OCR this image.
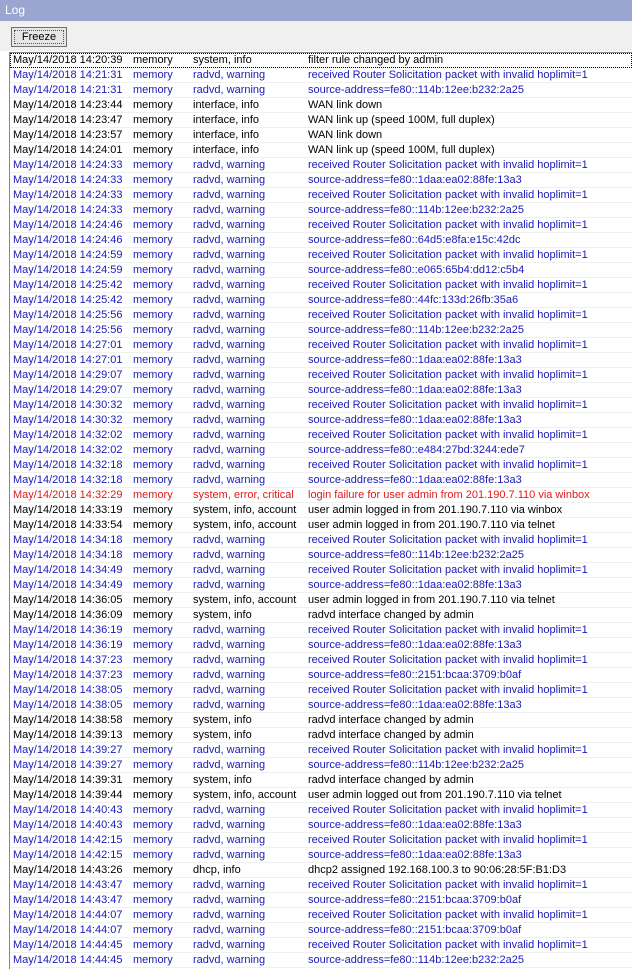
Log
Freeze
May/14/2018 14:20:39 memory	system, info	filter rule changed by admin
May/14/2018 14:21:31 memory	radvd, warning	received Router Solicitation packet with invalid hoplimit=1
May/14/2018 14:21:31 memory	radvd, warning	source-address=fe80::114b:12ee:b232:2a25
May/14/2018 14:23:44 memory	interface, info	WAN link down
May/14/2018 14:23:47 memory	interface, info	WAN link up (speed 100M, full duplex)
May/14/2018 14:23:57 memory	interface, info	WAN link down
May/14/2018 14:24:01 memory	interface, info	WAN link up (speed 100M, full duplex)
May/14/2018 14:24:33 memory	radvd, warning	received Router Solicitation packet with invalid hoplimit=1
May/14/2018 14:24:33 memory	radvd, warning	source-address=fe80::1daa:ea02:88fe:13a3
May/14/2018 14:24:33 memory	radvd, warning	received Router Solicitation packet with invalid hoplimit=1
May/14/2018 14:24:33 memory	radvd, warning	source-address=fe80::114b:12ee:b232:2a25
May/14/2018 14:24:46 memory	radvd, warning	received Router Solicitation packet with invalid hoplimit=1
May/14/2018 14:24:46 memory	radvd, warning	source-address=fe80::64d5:e8fa:e15c:42dc
May/14/2018 14:24:59 memory	radvd, warning	received Router Solicitation packet with invalid hoplimit=1
May/14/2018 14:24:59 memory	radvd, warning	source-address=fe80::e065:65b4:dd12:c5b4
May/14/2018 14:25:42 memory	radvd, warning	received Router Solicitation packet with invalid hoplimit=1
May/14/2018 14:25:42 memory	radvd, warning	source-address=fe80::44fc:133d:26fb:35a6
May/14/2018 14:25:56 memory	radvd, warning	received Router Solicitation packet with invalid hoplimit=1
May/14/2018 14:25:56 memory	radvd, warning	source-address=fe80::114b:12ee:b232:2a25
May/14/2018 14:27:01 memory	radvd, warning	received Router Solicitation packet with invalid hoplimit=1
May/14/2018 14:27:01 memory	radvd, warning	source-address=fe80::1daa:ea02:88fe:13a3
May/14/2018 14:29:07 memory	radvd, warning	received Router Solicitation packet with invalid hoplimit=1
May/14/2018 14:29:07 memory	radvd, warning	source-address=fe80::1daa:ea02:88fe:13a3
May/14/2018 14:30:32 memory	radvd, warning	received Router Solicitation packet with invalid hoplimit=1
May/14/2018 14:30:32 memory	radvd, warning	source-address=fe80::1daa:ea02:88fe:13a3
May/14/2018 14:32:02 memory	radvd, warning	received Router Solicitation packet with invalid hoplimit=1
May/14/2018 14:32:02 memory	radvd, warning	source-address=fe80::e484:27bd:3244:ede7
May/14/2018 14:32:18 memory	radvd, warning	received Router Solicitation packet with invalid hoplimit=1
May/14/2018 14:32:18 memory	radvd, warning	source-address=fe80::1daa:ea02:88fe:13a3
May/14/2018 14:32:29 memory	system, error, critical	login failure for user admin from 201.190.7.110 via winbox
May/14/2018 14:33:19 memory	system, info, account	user admin logged in from 201.190.7.110 via winbox
May/14/2018 14:33:54 memory	system, info, account	user admin logged in from 201.190.7.110 via telnet
May/14/2018 14:34:18 memory	radvd, warning	received Router Solicitation packet with invalid hoplimit=1
May/14/2018 14:34:18 memory	radvd, warning	source-address=fe80::114b:12ee:b232:2a25
May/14/2018 14:34:49 memory	radvd, warning	received Router Solicitation packet with invalid hoplimit=1
May/14/2018 14:34:49 memory	radvd, warning	source-address=fe80::1daa:ea02:88fe:13a3
May/14/2018 14:36:05 memory	system, info, account	user admin logged in from 201.190.7.110 via telnet
May/14/2018 14:36:09 memory	system, info	radvd interface changed by admin
May/14/2018 14:36:19 memory	radvd, warning	received Router Solicitation packet with invalid hoplimit=1
May/14/2018 14:36:19 memory	radvd, warning	source-address=fe80::1daa:ea02:88fe:13a3
May/14/2018 14:37:23 memory	radvd, warning	received Router Solicitation packet with invalid hoplimit=1
May/14/2018 14:37:23 memory	radvd, warning	source-address=fe80::2151:bcaa:3709:b0af
May/14/2018 14:38:05 memory	radvd, warning	received Router Solicitation packet with invalid hoplimit=1
May/14/2018 14:38:05 memory	radvd, warning	source-address=fe80::1daa:ea02:88fe:13a3
May/14/2018 14:38:58 memory	system, info	radvd interface changed by admin
May/14/2018 14:39:13 memory	system, info	radvd interface changed by admin
May/14/2018 14:39:27 memory	radvd, warning	received Router Solicitation packet with invalid hoplimit=1
May/14/2018 14:39:27 memory	radvd, warning	source-address=fe80::114b:12ee:b232:2a25
May/14/2018 14:39:31 memory	system, info	radvd interface changed by admin
May/14/2018 14:39:44 memory	system, info, account	user admin logged out from 201.190.7.110 via telnet
May/14/2018 14:40:43 memory	radvd, warning	received Router Solicitation packet with invalid hoplimit=1
May/14/2018 14:40:43 memory	radvd, warning	source-address=fe80::1daa:ea02:88fe:13a3
May/14/2018 14:42:15 memory	radvd, warning	received Router Solicitation packet with invalid hoplimit=1
May/14/2018 14:42:15 memory	radvd, warning	source-address=fe80::1daa:ea02:88fe:13a3
May/14/2018 14:43:26 memory	dhcp, info	dhcp2 assigned 192.168.100.3 to 90:06:28:5F:B1:D3
May/14/2018 14:43:47 memory	radvd, warning	received Router Solicitation packet with invalid hoplimit=1
May/14/2018 14:43:47 memory	radvd, warning	source-address=fe80::2151:bcaa:3709:b0af
May/14/2018 14:44:07 memory	radvd, warning	received Router Solicitation packet with invalid hoplimit=1
May/14/2018 14:44:07 memory	radvd, warning	source-address=fe80::2151:bcaa:3709:b0af
May/14/2018 14:44:45 memory	radvd, warning	received Router Solicitation packet with invalid hoplimit=1
May/14/2018 14:44:45 memory	radvd, warning	source-address=fe80::114b:12ee:b232:2a25
